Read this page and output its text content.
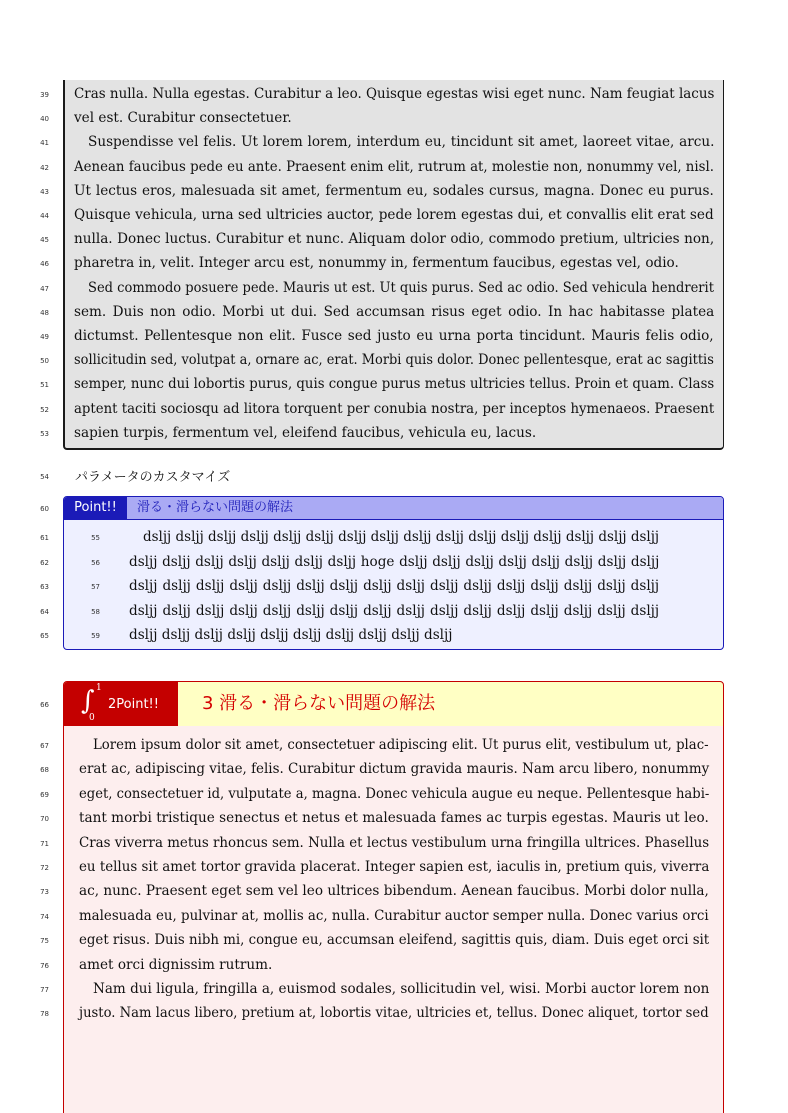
54 パラメータのカスタマイズ
60	Point!!	滑る・滑らない問題の解法
66 ∫ 1
0
2Point!! 3 滑る・滑らない問題の解法
39 Cras nulla. Nulla egestas. Curabitur a leo. Quisque egestas wisi eget nunc. Nam feugiat lacus
40 vel est. Curabitur consectetuer.
41	Suspendisse vel felis. Ut lorem lorem, interdum eu, tincidunt sit amet, laoreet vitae, arcu.
42 Aenean faucibus pede eu ante. Praesent enim elit, rutrum at, molestie non, nonummy vel, nisl.
43 Ut lectus eros, malesuada sit amet, fermentum eu, sodales cursus, magna. Donec eu purus.
44 Quisque vehicula, urna sed ultricies auctor, pede lorem egestas dui, et convallis elit erat sed
45 nulla. Donec luctus. Curabitur et nunc. Aliquam dolor odio, commodo pretium, ultricies non,
46 pharetra in, velit. Integer arcu est, nonummy in, fermentum faucibus, egestas vel, odio.
47	Sed commodo posuere pede. Mauris ut est. Ut quis purus. Sed ac odio. Sed vehicula hendrerit
48 sem. Duis non odio. Morbi ut dui. Sed accumsan risus eget odio. In hac habitasse platea
49 dictumst. Pellentesque non elit. Fusce sed justo eu urna porta tincidunt. Mauris felis odio,
50 sollicitudin sed, volutpat a, ornare ac, erat. Morbi quis dolor. Donec pellentesque, erat ac sagittis
51 semper, nunc dui lobortis purus, quis congue purus metus ultricies tellus. Proin et quam. Class
52 aptent taciti sociosqu ad litora torquent per conubia nostra, per inceptos hymenaeos. Praesent
53 sapien turpis, fermentum vel, eleifend faucibus, vehicula eu, lacus.
61	55	dsljj dsljj dsljj dsljj dsljj dsljj dsljj dsljj dsljj dsljj dsljj dsljj dsljj dsljj dsljj dsljj
62	56 dsljj dsljj dsljj dsljj dsljj dsljj dsljj hoge dsljj dsljj dsljj dsljj dsljj dsljj dsljj dsljj
63	57 dsljj dsljj dsljj dsljj dsljj dsljj dsljj dsljj dsljj dsljj dsljj dsljj dsljj dsljj dsljj dsljj
64	58 dsljj dsljj dsljj dsljj dsljj dsljj dsljj dsljj dsljj dsljj dsljj dsljj dsljj dsljj dsljj dsljj
65	59 dsljj dsljj dsljj dsljj dsljj dsljj dsljj dsljj dsljj dsljj
67	Lorem ipsum dolor sit amet, consectetuer adipiscing elit. Ut purus elit, vestibulum ut, plac-
68 erat ac, adipiscing vitae, felis. Curabitur dictum gravida mauris. Nam arcu libero, nonummy
69 eget, consectetuer id, vulputate a, magna. Donec vehicula augue eu neque. Pellentesque habi-
70 tant morbi tristique senectus et netus et malesuada fames ac turpis egestas. Mauris ut leo.
71 Cras viverra metus rhoncus sem. Nulla et lectus vestibulum urna fringilla ultrices. Phasellus
72 eu tellus sit amet tortor gravida placerat. Integer sapien est, iaculis in, pretium quis, viverra
73 ac, nunc. Praesent eget sem vel leo ultrices bibendum. Aenean faucibus. Morbi dolor nulla,
74 malesuada eu, pulvinar at, mollis ac, nulla. Curabitur auctor semper nulla. Donec varius orci
75 eget risus. Duis nibh mi, congue eu, accumsan eleifend, sagittis quis, diam. Duis eget orci sit
76 amet orci dignissim rutrum.
77	Nam dui ligula, fringilla a, euismod sodales, sollicitudin vel, wisi. Morbi auctor lorem non
78 justo. Nam lacus libero, pretium at, lobortis vitae, ultricies et, tellus. Donec aliquet, tortor sed
